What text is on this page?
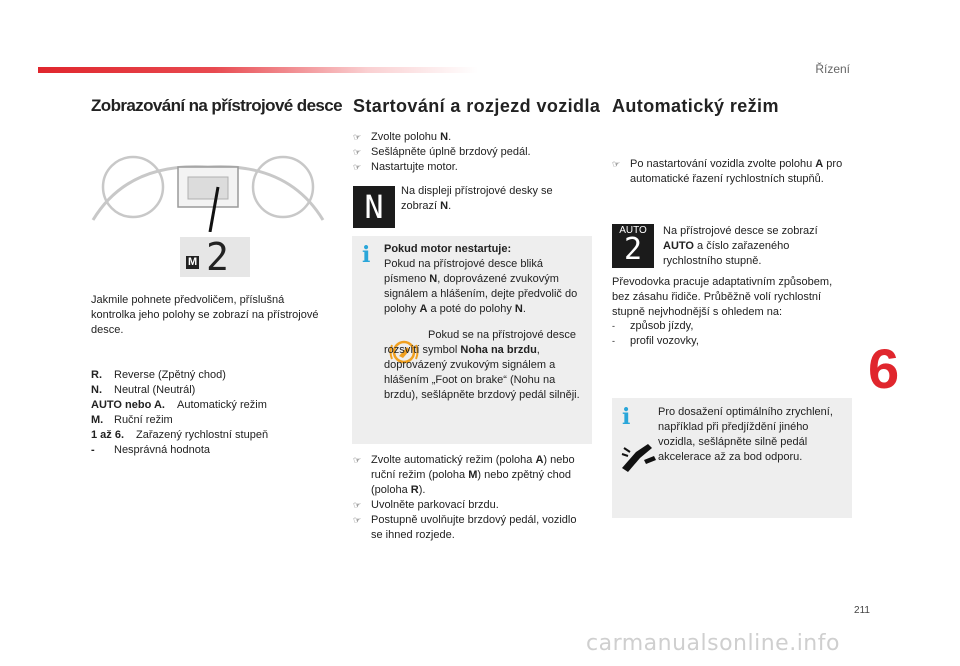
Řízení
6
211
carmanualsonline.info
Zobrazování na přístrojové desce
M 2
Jakmile pohnete předvoličem, příslušná kontrolka jeho polohy se zobrazí na přístrojové desce.
R. Reverse (Zpětný chod)
N. Neutral (Neutrál)
AUTO nebo A. Automatický režim
M. Ruční režim
1 až 6. Zařazený rychlostní stupeň
- Nesprávná hodnota
Startování a rozjezd vozidla
☞ Zvolte polohu N.
☞ Sešlápněte úplně brzdový pedál.
☞ Nastartujte motor.
N	Na displeji přístrojové desky se zobrazí N.
i Pokud motor nestartuje:
Pokud na přístrojové desce bliká písmeno N, doprovázené zvukovým signálem a hlášením, dejte předvolič do polohy A a poté do polohy N.
Pokud se na přístrojové desce rozsvítí symbol Noha na brzdu, doprovázený zvukovým signálem a hlášením „Foot on brake“ (Nohu na brzdu), sešlápněte brzdový pedál silněji.
☞ Zvolte automatický režim (poloha A) nebo ruční režim (poloha M) nebo zpětný chod (poloha R).
☞ Uvolněte parkovací brzdu.
☞ Postupně uvolňujte brzdový pedál, vozidlo se ihned rozjede.
Automatický režim
☞ Po nastartování vozidla zvolte polohu A pro automatické řazení rychlostních stupňů.
AUTO
2
Na přístrojové desce se zobrazí AUTO a číslo zařazeného rychlostního stupně.
Převodovka pracuje adaptativním způsobem, bez zásahu řidiče. Průběžně volí rychlostní stupně nejvhodnější s ohledem na:
- způsob jízdy,
- profil vozovky,
i	Pro dosažení optimálního zrychlení, například při předjíždění jiného vozidla, sešlápněte silně pedál akcelerace až za bod odporu.
